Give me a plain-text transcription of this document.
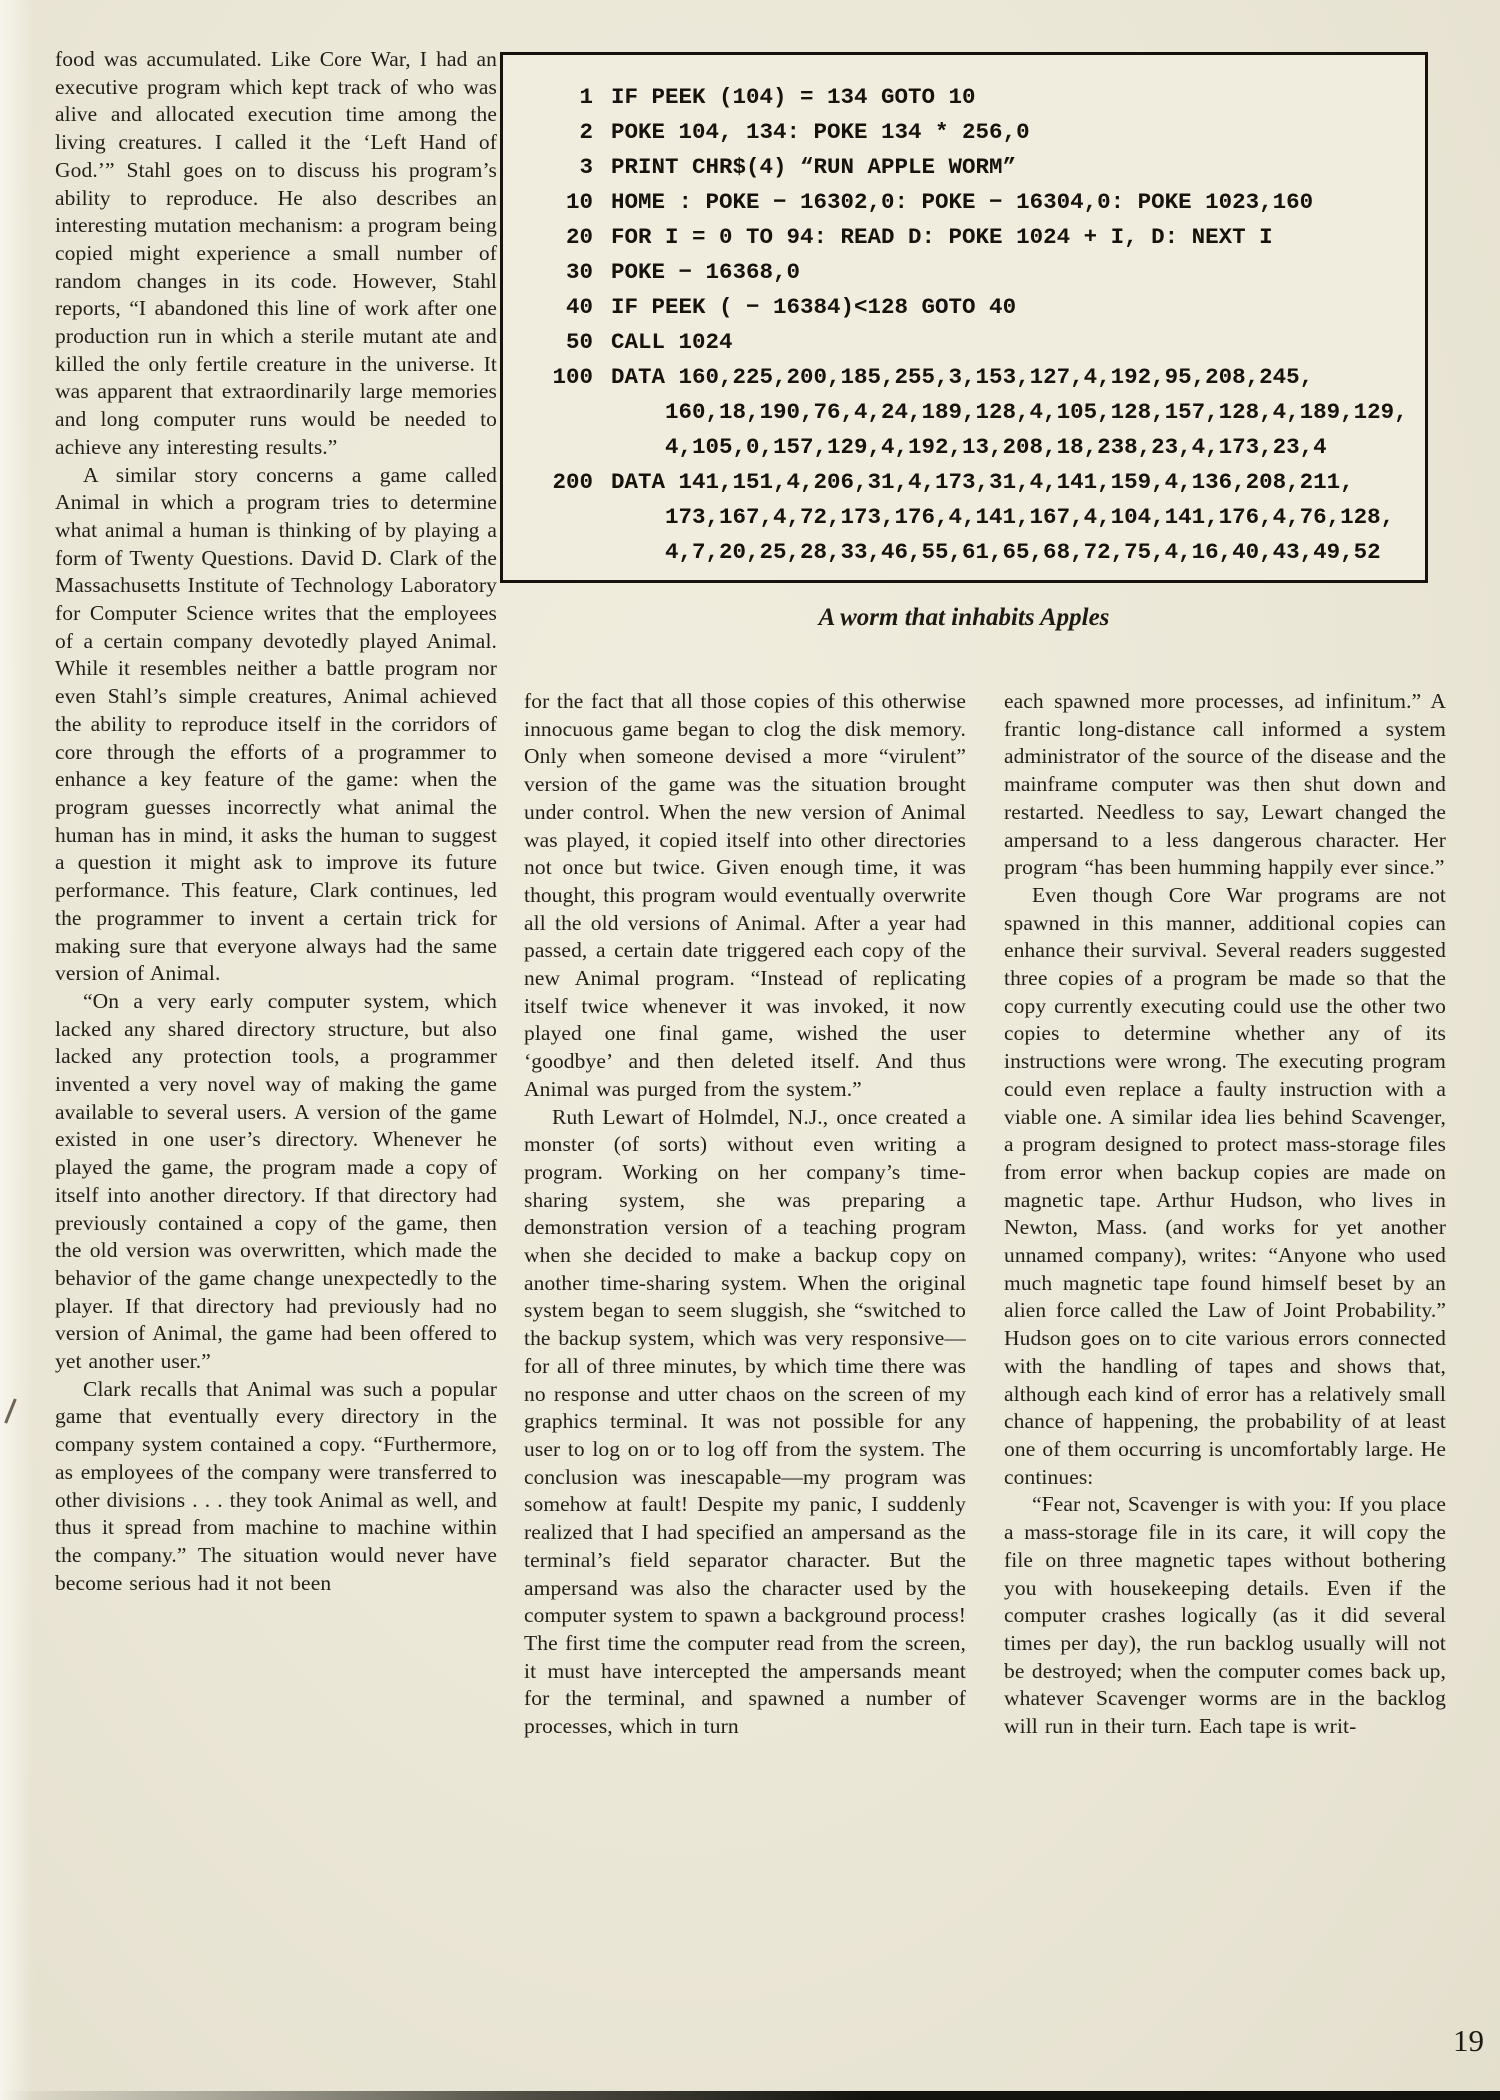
food was accumulated. Like Core War, I had an executive program which kept track of who was alive and allocated execution time among the living creatures. I called it the ‘Left Hand of God.’” Stahl goes on to discuss his program’s ability to reproduce. He also describes an interesting mutation mechanism: a program being copied might experience a small number of random changes in its code. However, Stahl reports, “I abandoned this line of work after one production run in which a sterile mutant ate and killed the only fertile creature in the universe. It was apparent that extraordinarily large memories and long computer runs would be needed to achieve any interesting results.”

A similar story concerns a game called Animal in which a program tries to determine what animal a human is thinking of by playing a form of Twenty Questions. David D. Clark of the Massachusetts Institute of Technology Laboratory for Computer Science writes that the employees of a certain company devotedly played Animal. While it resembles neither a battle program nor even Stahl’s simple creatures, Animal achieved the ability to reproduce itself in the corridors of core through the efforts of a programmer to enhance a key feature of the game: when the program guesses incorrectly what animal the human has in mind, it asks the human to suggest a question it might ask to improve its future performance. This feature, Clark continues, led the programmer to invent a certain trick for making sure that everyone always had the same version of Animal.

“On a very early computer system, which lacked any shared directory structure, but also lacked any protection tools, a programmer invented a very novel way of making the game available to several users. A version of the game existed in one user’s directory. Whenever he played the game, the program made a copy of itself into another directory. If that directory had previously contained a copy of the game, then the old version was overwritten, which made the behavior of the game change unexpectedly to the player. If that directory had previously had no version of Animal, the game had been offered to yet another user.”

Clark recalls that Animal was such a popular game that eventually every directory in the company system contained a copy. “Furthermore, as employees of the company were transferred to other divisions . . . they took Animal as well, and thus it spread from machine to machine within the company.” The situation would never have become serious had it not been

1 IF PEEK (104) = 134 GOTO 10
2 POKE 104, 134: POKE 134 * 256,0
3 PRINT CHR$(4) “RUN APPLE WORM”
10 HOME : POKE − 16302,0: POKE − 16304,0: POKE 1023,160
20 FOR I = 0 TO 94: READ D: POKE 1024 + I, D: NEXT I
30 POKE − 16368,0
40 IF PEEK ( − 16384)<128 GOTO 40
50 CALL 1024
100 DATA 160,225,200,185,255,3,153,127,4,192,95,208,245,
160,18,190,76,4,24,189,128,4,105,128,157,128,4,189,129,
4,105,0,157,129,4,192,13,208,18,238,23,4,173,23,4
200 DATA 141,151,4,206,31,4,173,31,4,141,159,4,136,208,211,
173,167,4,72,173,176,4,141,167,4,104,141,176,4,76,128,
4,7,20,25,28,33,46,55,61,65,68,72,75,4,16,40,43,49,52
A worm that inhabits Apples

for the fact that all those copies of this otherwise innocuous game began to clog the disk memory. Only when someone devised a more “virulent” version of the game was the situation brought under control. When the new version of Animal was played, it copied itself into other directories not once but twice. Given enough time, it was thought, this program would eventually overwrite all the old versions of Animal. After a year had passed, a certain date triggered each copy of the new Animal program. “Instead of replicating itself twice whenever it was invoked, it now played one final game, wished the user ‘goodbye’ and then deleted itself. And thus Animal was purged from the system.”

Ruth Lewart of Holmdel, N.J., once created a monster (of sorts) without even writing a program. Working on her company’s time-sharing system, she was preparing a demonstration version of a teaching program when she decided to make a backup copy on another time-sharing system. When the original system began to seem sluggish, she “switched to the backup system, which was very responsive—for all of three minutes, by which time there was no response and utter chaos on the screen of my graphics terminal. It was not possible for any user to log on or to log off from the system. The conclusion was inescapable—my program was somehow at fault! Despite my panic, I suddenly realized that I had specified an ampersand as the terminal’s field separator character. But the ampersand was also the character used by the computer system to spawn a background process! The first time the computer read from the screen, it must have intercepted the ampersands meant for the terminal, and spawned a number of processes, which in turn

each spawned more processes, ad infinitum.” A frantic long-distance call informed a system administrator of the source of the disease and the mainframe computer was then shut down and restarted. Needless to say, Lewart changed the ampersand to a less dangerous character. Her program “has been humming happily ever since.”

Even though Core War programs are not spawned in this manner, additional copies can enhance their survival. Several readers suggested three copies of a program be made so that the copy currently executing could use the other two copies to determine whether any of its instructions were wrong. The executing program could even replace a faulty instruction with a viable one. A similar idea lies behind Scavenger, a program designed to protect mass-storage files from error when backup copies are made on magnetic tape. Arthur Hudson, who lives in Newton, Mass. (and works for yet another unnamed company), writes: “Anyone who used much magnetic tape found himself beset by an alien force called the Law of Joint Probability.” Hudson goes on to cite various errors connected with the handling of tapes and shows that, although each kind of error has a relatively small chance of happening, the probability of at least one of them occurring is uncomfortably large. He continues:

“Fear not, Scavenger is with you: If you place a mass-storage file in its care, it will copy the file on three magnetic tapes without bothering you with housekeeping details. Even if the computer crashes logically (as it did several times per day), the run backlog usually will not be destroyed; when the computer comes back up, whatever Scavenger worms are in the backlog will run in their turn. Each tape is writ-

19
